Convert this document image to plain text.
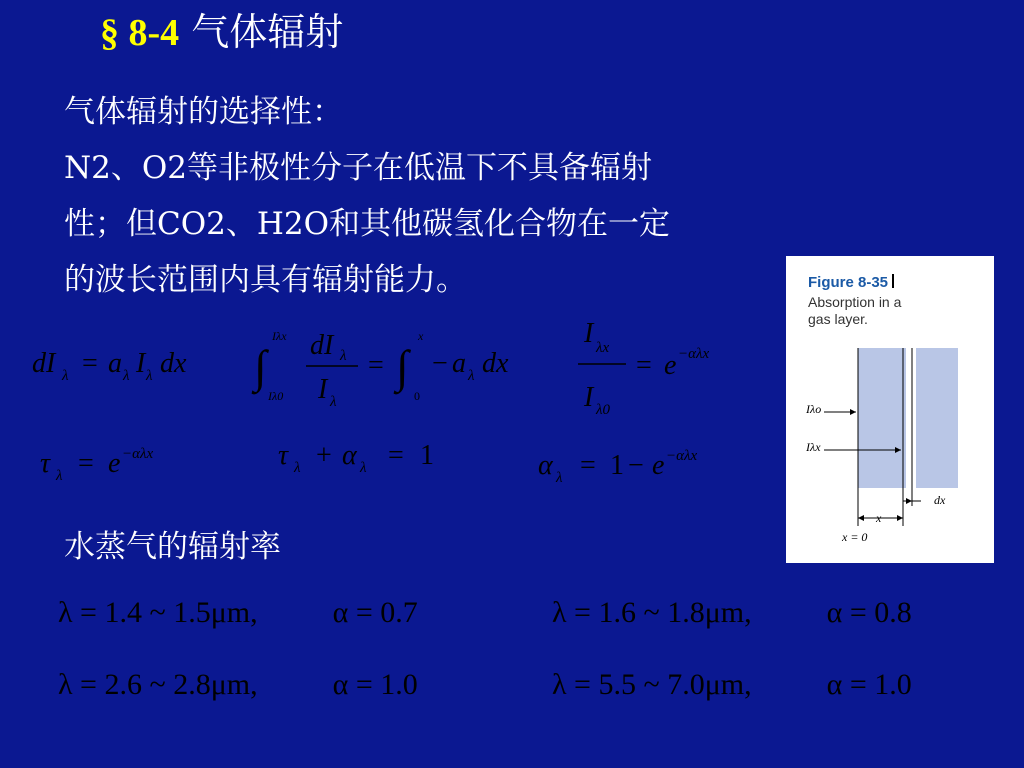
§ 8-4 气体辐射
气体辐射的选择性：
N2、O2等非极性分子在低温下不具备辐射
性；但CO2、H2O和其他碳氢化合物在一定
的波长范围内具有辐射能力。
dI λ = a λ I λ dx ∫
Iλx
Iλ0
dI λ
I λ
= ∫
x
0
− a λ dx
I λx
I λ0
= e −αλx
τ λ = e −αλx	τ λ + α λ = 1	α λ = 1 − e −αλx
水蒸气的辐射率
λ = 1.4 ~ 1.5μm,	α = 0.7	λ = 1.6 ~ 1.8μm,	α = 0.8
λ = 2.6 ~ 2.8μm,	α = 1.0	λ = 5.5 ~ 7.0μm,	α = 1.0
Figure 8-35
Absorption in a
gas layer.
Iλo
Iλx
dx
x
x = 0
